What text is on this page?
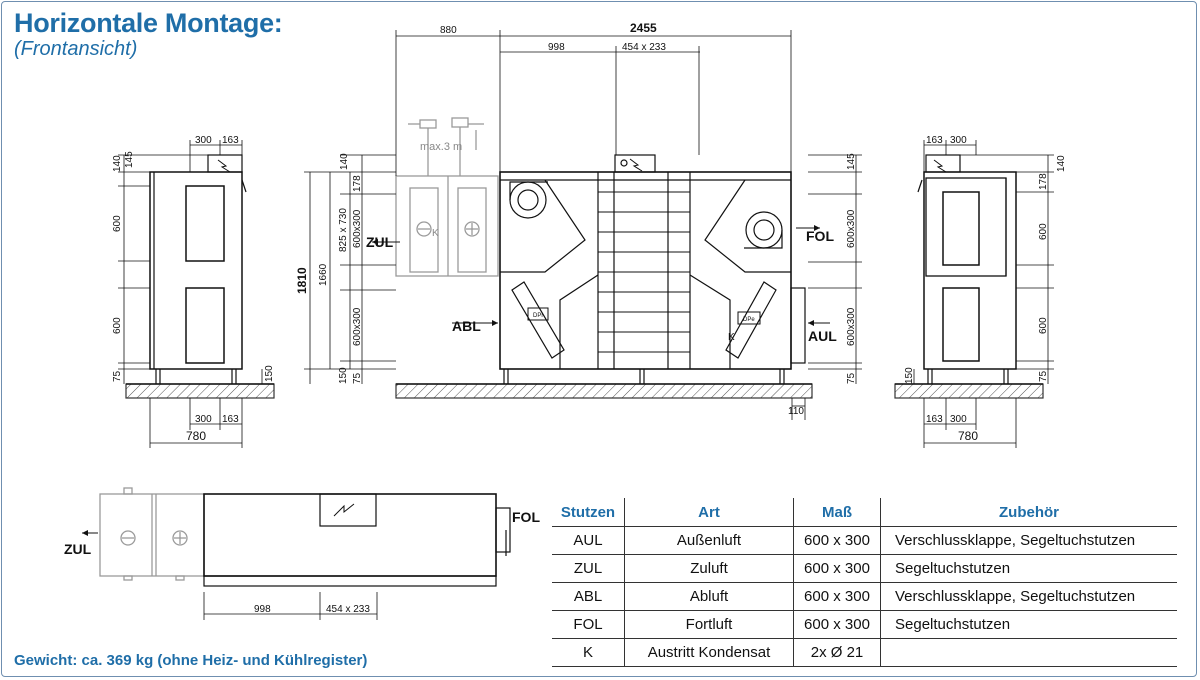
Horizontale Montage:
(Frontansicht)
300 163
300 163
780
140 145
600
600
75	150
880	2455
998	454 x 233
max.3 m
1810 1660
825 x 730
140
178
600x300
600x300
150 75
145
600x300
600x300
75
110
DPi
DPe
K
K
ZUL
ABL
FOL
AUL
163 300
163 300
780
140
178
600
600
75
150
ZUL
FOL
998	454 x 233
Stutzen	Art	Maß	Zubehör
AUL	Außenluft	600 x 300	Verschlussklappe, Segeltuchstutzen
ZUL	Zuluft	600 x 300	Segeltuchstutzen
ABL	Abluft	600 x 300	Verschlussklappe, Segeltuchstutzen
FOL	Fortluft	600 x 300	Segeltuchstutzen
K	Austritt Kondensat	2x Ø 21	
Gewicht: ca. 369 kg (ohne Heiz- und Kühlregister)
